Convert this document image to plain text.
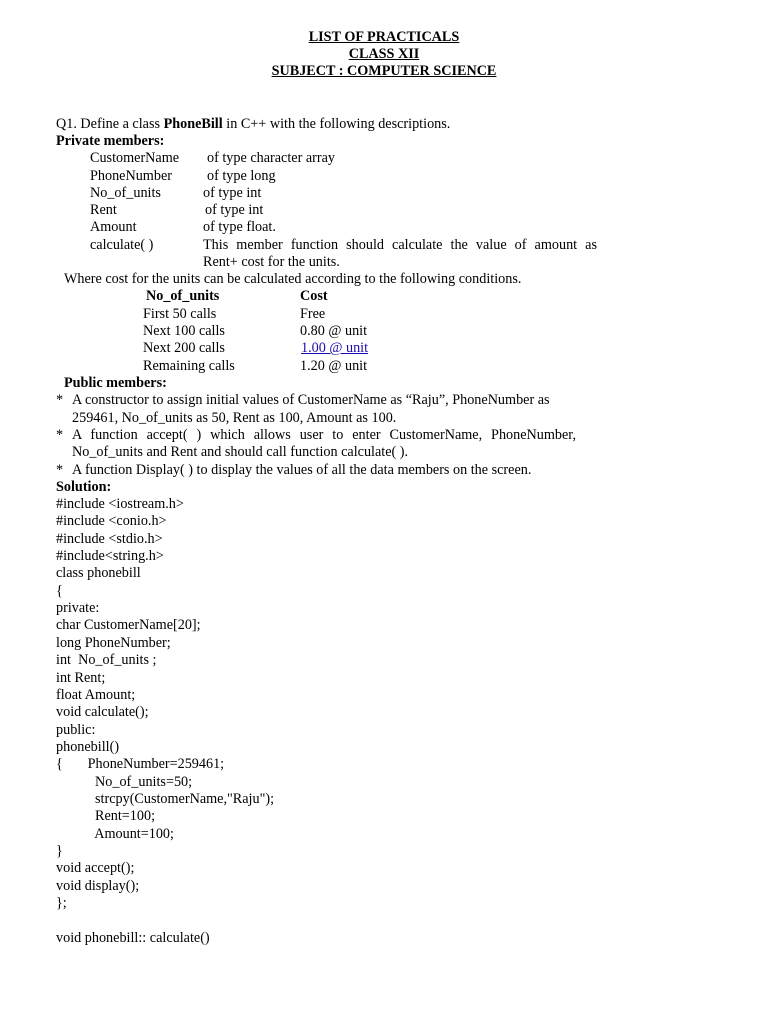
LIST OF PRACTICALS
CLASS XII
SUBJECT : COMPUTER SCIENCE
Q1. Define a class PhoneBill in C++ with the following descriptions.
Private members:
CustomerName of type character array
PhoneNumber of type long
No_of_units	of type int
Rent	of type int
Amount	of type float.
calculate( )	This member function should calculate the value of amount as
Rent+ cost for the units.
Where cost for the units can be calculated according to the following conditions.
No_of_units	Cost
First 50 calls	Free
Next 100 calls	0.80 @ unit
Next 200 calls	1.00 @ unit
Remaining calls	1.20 @ unit
Public members:
* A constructor to assign initial values of CustomerName as “Raju”, PhoneNumber as
259461, No_of_units as 50, Rent as 100, Amount as 100.
* A function accept( ) which allows user to enter CustomerName, PhoneNumber,
No_of_units and Rent and should call function calculate( ).
* A function Display( ) to display the values of all the data members on the screen.
Solution:
#include <iostream.h>
#include <conio.h>
#include <stdio.h>
#include<string.h>
class phonebill
{
private:
char CustomerName[20];
long PhoneNumber;
int  No_of_units ;
int Rent;
float Amount;
void calculate();
public:
phonebill()
{       PhoneNumber=259461;
No_of_units=50;
strcpy(CustomerName,"Raju");
Rent=100;
Amount=100;
}
void accept();
void display();
};
void phonebill:: calculate()
